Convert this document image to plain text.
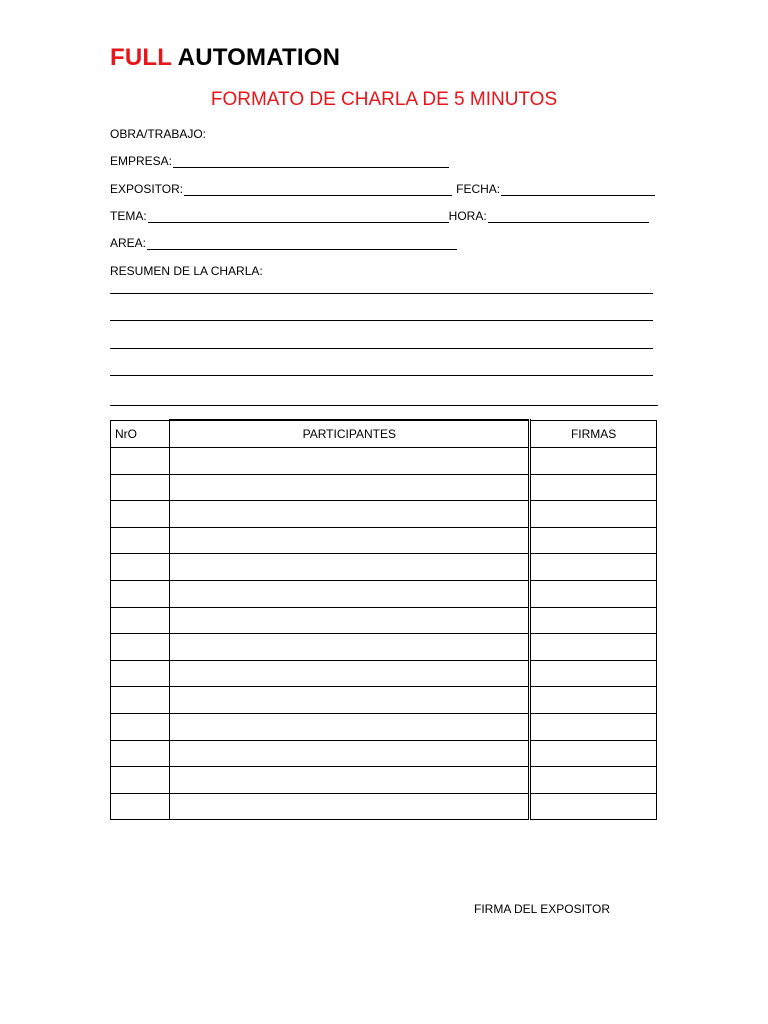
FULL AUTOMATION
FORMATO DE CHARLA DE 5 MINUTOS
OBRA/TRABAJO:
EMPRESA:
EXPOSITOR:	FECHA:
TEMA:	HORA:
AREA:
RESUMEN DE LA CHARLA:
NrO	PARTICIPANTES	FIRMAS

FIRMA DEL EXPOSITOR
